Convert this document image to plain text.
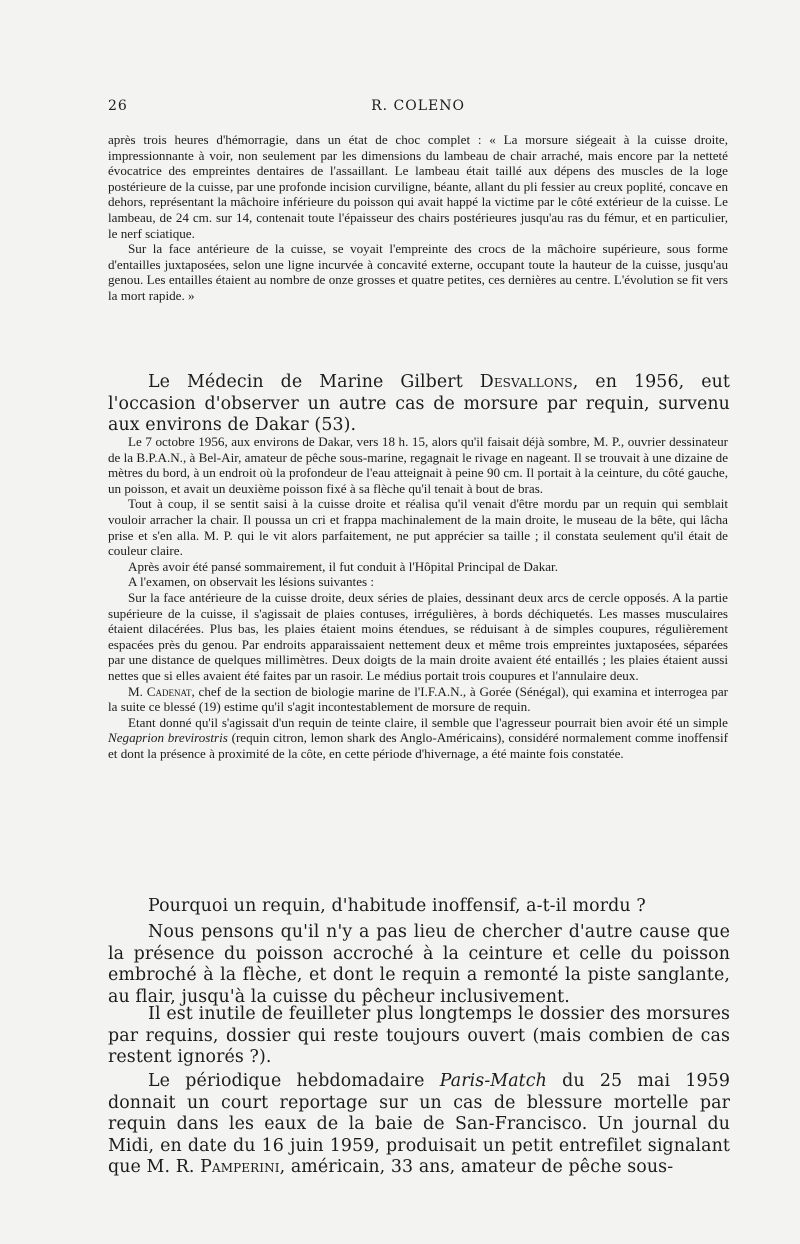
26	R. COLENO

après trois heures d'hémorragie, dans un état de choc complet : « La morsure siégeait à la cuisse droite, impressionnante à voir, non seulement par les dimensions du lambeau de chair arraché, mais encore par la netteté évocatrice des empreintes dentaires de l'assaillant. Le lambeau était taillé aux dépens des muscles de la loge postérieure de la cuisse, par une profonde incision curviligne, béante, allant du pli fessier au creux poplité, concave en dehors, représentant la mâchoire inférieure du poisson qui avait happé la victime par le côté extérieur de la cuisse. Le lambeau, de 24 cm. sur 14, contenait toute l'épaisseur des chairs postérieures jusqu'au ras du fémur, et en particulier, le nerf sciatique.

Sur la face antérieure de la cuisse, se voyait l'empreinte des crocs de la mâchoire supérieure, sous forme d'entailles juxtaposées, selon une ligne incurvée à concavité externe, occupant toute la hauteur de la cuisse, jusqu'au genou. Les entailles étaient au nombre de onze grosses et quatre petites, ces dernières au centre. L'évolution se fit vers la mort rapide. »

Le Médecin de Marine Gilbert Desvallons, en 1956, eut l'occasion d'observer un autre cas de morsure par requin, survenu aux environs de Dakar (53).

Le 7 octobre 1956, aux environs de Dakar, vers 18 h. 15, alors qu'il faisait déjà sombre, M. P., ouvrier dessinateur de la B.P.A.N., à Bel-Air, amateur de pêche sous-marine, regagnait le rivage en nageant. Il se trouvait à une dizaine de mètres du bord, à un endroit où la profondeur de l'eau atteignait à peine 90 cm. Il portait à la ceinture, du côté gauche, un poisson, et avait un deuxième poisson fixé à sa flèche qu'il tenait à bout de bras.

Tout à coup, il se sentit saisi à la cuisse droite et réalisa qu'il venait d'être mordu par un requin qui semblait vouloir arracher la chair. Il poussa un cri et frappa machinalement de la main droite, le museau de la bête, qui lâcha prise et s'en alla. M. P. qui le vit alors parfaitement, ne put apprécier sa taille ; il constata seulement qu'il était de couleur claire.

Après avoir été pansé sommairement, il fut conduit à l'Hôpital Principal de Dakar.

A l'examen, on observait les lésions suivantes :

Sur la face antérieure de la cuisse droite, deux séries de plaies, dessinant deux arcs de cercle opposés. A la partie supérieure de la cuisse, il s'agissait de plaies contuses, irrégulières, à bords déchiquetés. Les masses musculaires étaient dilacérées. Plus bas, les plaies étaient moins étendues, se réduisant à de simples coupures, régulièrement espacées près du genou. Par endroits apparaissaient nettement deux et même trois empreintes juxtaposées, séparées par une distance de quelques millimètres. Deux doigts de la main droite avaient été entaillés ; les plaies étaient aussi nettes que si elles avaient été faites par un rasoir. Le médius portait trois coupures et l'annulaire deux.

M. Cadenat, chef de la section de biologie marine de l'I.F.A.N., à Gorée (Sénégal), qui examina et interrogea par la suite ce blessé (19) estime qu'il s'agit incontestablement de morsure de requin.

Etant donné qu'il s'agissait d'un requin de teinte claire, il semble que l'agresseur pourrait bien avoir été un simple Negaprion brevirostris (requin citron, lemon shark des Anglo-Américains), considéré normalement comme inoffensif et dont la présence à proximité de la côte, en cette période d'hivernage, a été mainte fois constatée.

Pourquoi un requin, d'habitude inoffensif, a-t-il mordu ?

Nous pensons qu'il n'y a pas lieu de chercher d'autre cause que la présence du poisson accroché à la ceinture et celle du poisson embroché à la flèche, et dont le requin a remonté la piste sanglante, au flair, jusqu'à la cuisse du pêcheur inclusivement.

Il est inutile de feuilleter plus longtemps le dossier des morsures par requins, dossier qui reste toujours ouvert (mais combien de cas restent ignorés ?).

Le périodique hebdomadaire Paris-Match du 25 mai 1959 donnait un court reportage sur un cas de blessure mortelle par requin dans les eaux de la baie de San-Francisco. Un journal du Midi, en date du 16 juin 1959, produisait un petit entrefilet signalant que M. R. Pamperini, américain, 33 ans, amateur de pêche sous-
